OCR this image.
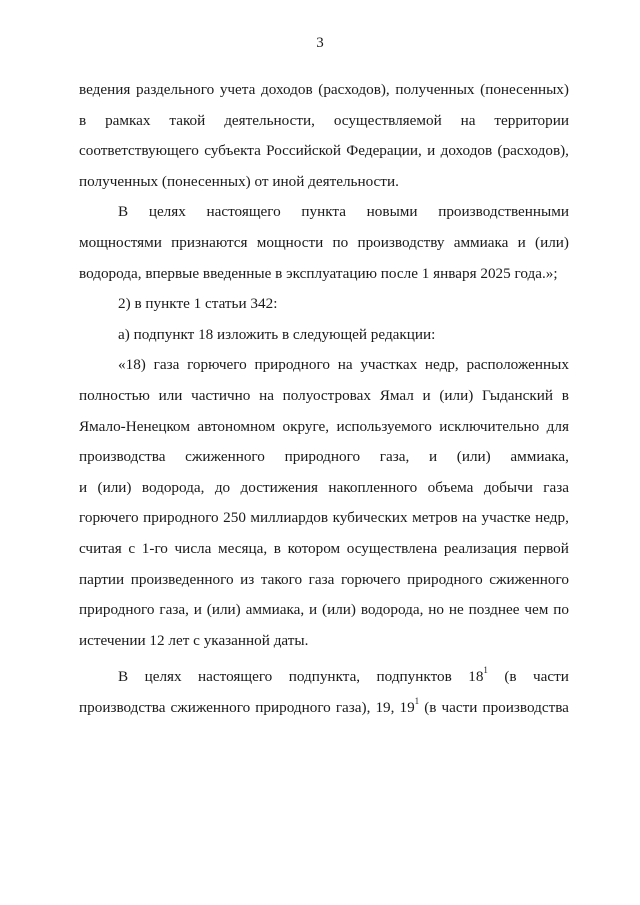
3
ведения раздельного учета доходов (расходов), полученных (понесенных)
в рамках такой деятельности, осуществляемой на территории
соответствующего субъекта Российской Федерации, и доходов (расходов),
полученных (понесенных) от иной деятельности.
В целях настоящего пункта новыми производственными
мощностями признаются мощности по производству аммиака и (или)
водорода, впервые введенные в эксплуатацию после 1 января 2025 года.»;
2) в пункте 1 статьи 342:
а) подпункт 18 изложить в следующей редакции:
«18) газа горючего природного на участках недр, расположенных
полностью или частично на полуостровах Ямал и (или) Гыданский в
Ямало-Ненецком автономном округе, используемого исключительно для
производства сжиженного природного газа, и (или) аммиака,
и (или) водорода, до достижения накопленного объема добычи газа
горючего природного 250 миллиардов кубических метров на участке недр,
считая с 1-го числа месяца, в котором осуществлена реализация первой
партии произведенного из такого газа горючего природного сжиженного
природного газа, и (или) аммиака, и (или) водорода, но не позднее чем по
истечении 12 лет с указанной даты.
В целях настоящего подпункта, подпунктов $18^1$ (в части
производства сжиженного природного газа), 19, $19^1$ (в части производства
